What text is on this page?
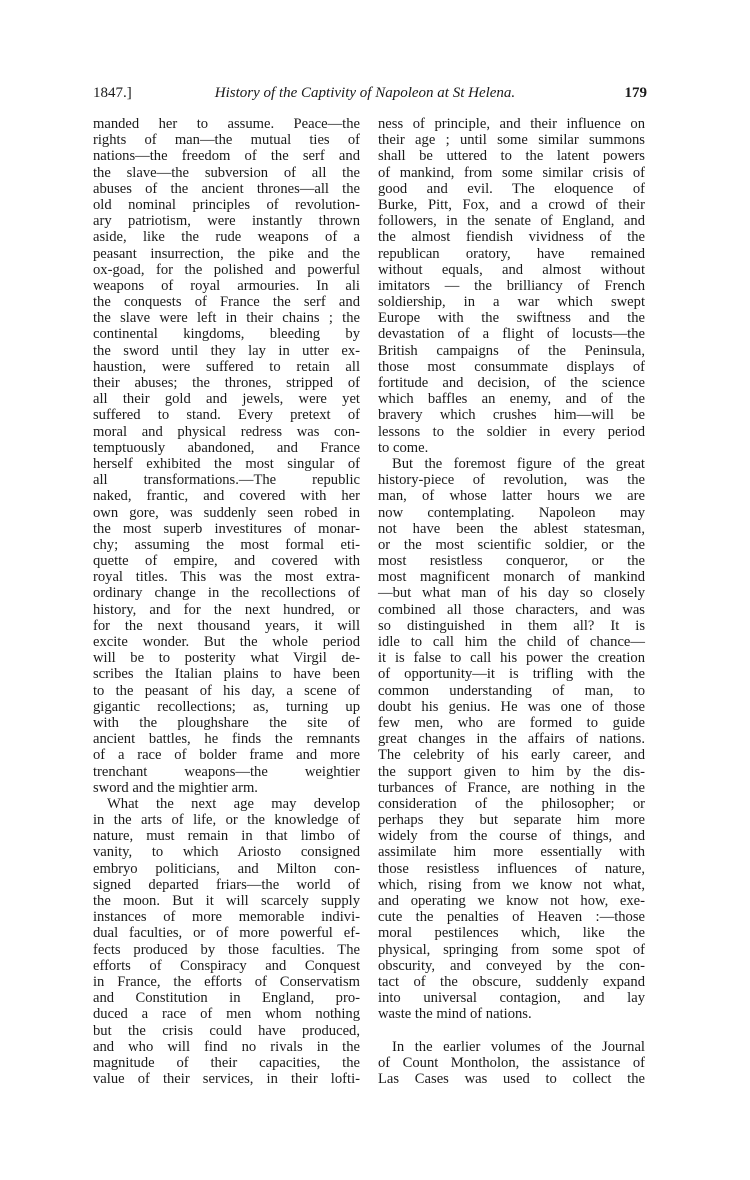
1847.]	History of the Captivity of Napoleon at St Helena.	179
manded her to assume. Peace—the
rights of man—the mutual ties of
nations—the freedom of the serf and
the slave—the subversion of all the
abuses of the ancient thrones—all the
old nominal principles of revolution-
ary patriotism, were instantly thrown
aside, like the rude weapons of a
peasant insurrection, the pike and the
ox-goad, for the polished and powerful
weapons of royal armouries. In ali
the conquests of France the serf and
the slave were left in their chains ; the
continental kingdoms, bleeding by
the sword until they lay in utter ex-
haustion, were suffered to retain all
their abuses; the thrones, stripped of
all their gold and jewels, were yet
suffered to stand. Every pretext of
moral and physical redress was con-
temptuously abandoned, and France
herself exhibited the most singular of
all transformations.—The republic
naked, frantic, and covered with her
own gore, was suddenly seen robed in
the most superb investitures of monar-
chy; assuming the most formal eti-
quette of empire, and covered with
royal titles. This was the most extra-
ordinary change in the recollections of
history, and for the next hundred, or
for the next thousand years, it will
excite wonder. But the whole period
will be to posterity what Virgil de-
scribes the Italian plains to have been
to the peasant of his day, a scene of
gigantic recollections; as, turning up
with the ploughshare the site of
ancient battles, he finds the remnants
of a race of bolder frame and more
trenchant weapons—the weightier
sword and the mightier arm.
What the next age may develop
in the arts of life, or the knowledge of
nature, must remain in that limbo of
vanity, to which Ariosto consigned
embryo politicians, and Milton con-
signed departed friars—the world of
the moon. But it will scarcely supply
instances of more memorable indivi-
dual faculties, or of more powerful ef-
fects produced by those faculties. The
efforts of Conspiracy and Conquest
in France, the efforts of Conservatism
and Constitution in England, pro-
duced a race of men whom nothing
but the crisis could have produced,
and who will find no rivals in the
magnitude of their capacities, the
value of their services, in their lofti-
ness of principle, and their influence on
their age ; until some similar summons
shall be uttered to the latent powers
of mankind, from some similar crisis of
good and evil. The eloquence of
Burke, Pitt, Fox, and a crowd of their
followers, in the senate of England, and
the almost fiendish vividness of the
republican oratory, have remained
without equals, and almost without
imitators — the brilliancy of French
soldiership, in a war which swept
Europe with the swiftness and the
devastation of a flight of locusts—the
British campaigns of the Peninsula,
those most consummate displays of
fortitude and decision, of the science
which baffles an enemy, and of the
bravery which crushes him—will be
lessons to the soldier in every period
to come.
But the foremost figure of the great
history-piece of revolution, was the
man, of whose latter hours we are
now contemplating. Napoleon may
not have been the ablest statesman,
or the most scientific soldier, or the
most resistless conqueror, or the
most magnificent monarch of mankind
—but what man of his day so closely
combined all those characters, and was
so distinguished in them all? It is
idle to call him the child of chance—
it is false to call his power the creation
of opportunity—it is trifling with the
common understanding of man, to
doubt his genius. He was one of those
few men, who are formed to guide
great changes in the affairs of nations.
The celebrity of his early career, and
the support given to him by the dis-
turbances of France, are nothing in the
consideration of the philosopher; or
perhaps they but separate him more
widely from the course of things, and
assimilate him more essentially with
those resistless influences of nature,
which, rising from we know not what,
and operating we know not how, exe-
cute the penalties of Heaven :—those
moral pestilences which, like the
physical, springing from some spot of
obscurity, and conveyed by the con-
tact of the obscure, suddenly expand
into universal contagion, and lay
waste the mind of nations.
In the earlier volumes of the Journal
of Count Montholon, the assistance of
Las Cases was used to collect the
